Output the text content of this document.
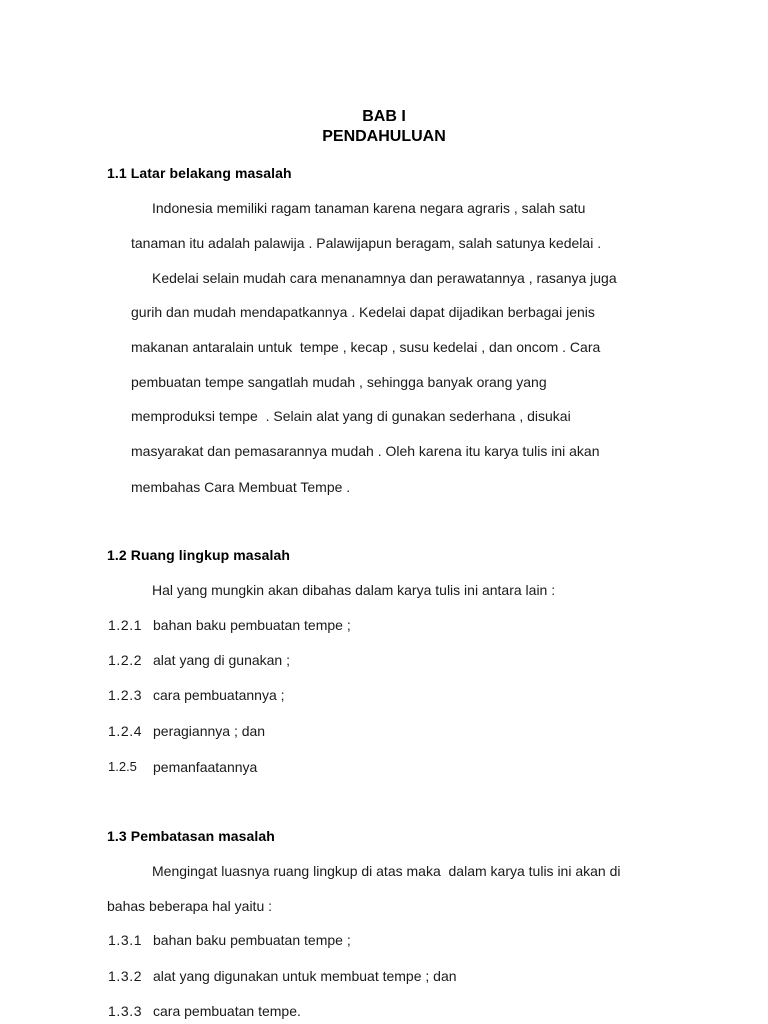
BAB I
PENDAHULUAN
1.1 Latar belakang masalah
Indonesia memiliki ragam tanaman karena negara agraris , salah satu
tanaman itu adalah palawija . Palawijapun beragam, salah satunya kedelai .
Kedelai selain mudah cara menanamnya dan perawatannya , rasanya juga
gurih dan mudah mendapatkannya . Kedelai dapat dijadikan berbagai jenis
makanan antaralain untuk  tempe , kecap , susu kedelai , dan oncom . Cara
pembuatan tempe sangatlah mudah , sehingga banyak orang yang
memproduksi tempe  . Selain alat yang di gunakan sederhana , disukai
masyarakat dan pemasarannya mudah . Oleh karena itu karya tulis ini akan
membahas Cara Membuat Tempe .
1.2 Ruang lingkup masalah
Hal yang mungkin akan dibahas dalam karya tulis ini antara lain :
1.2.1 bahan baku pembuatan tempe ;
1.2.2 alat yang di gunakan ;
1.2.3 cara pembuatannya ;
1.2.4 peragiannya ; dan
1.2.5 pemanfaatannya
1.3 Pembatasan masalah
Mengingat luasnya ruang lingkup di atas maka  dalam karya tulis ini akan di
bahas beberapa hal yaitu :
1.3.1 bahan baku pembuatan tempe ;
1.3.2 alat yang digunakan untuk membuat tempe ; dan
1.3.3 cara pembuatan tempe.
